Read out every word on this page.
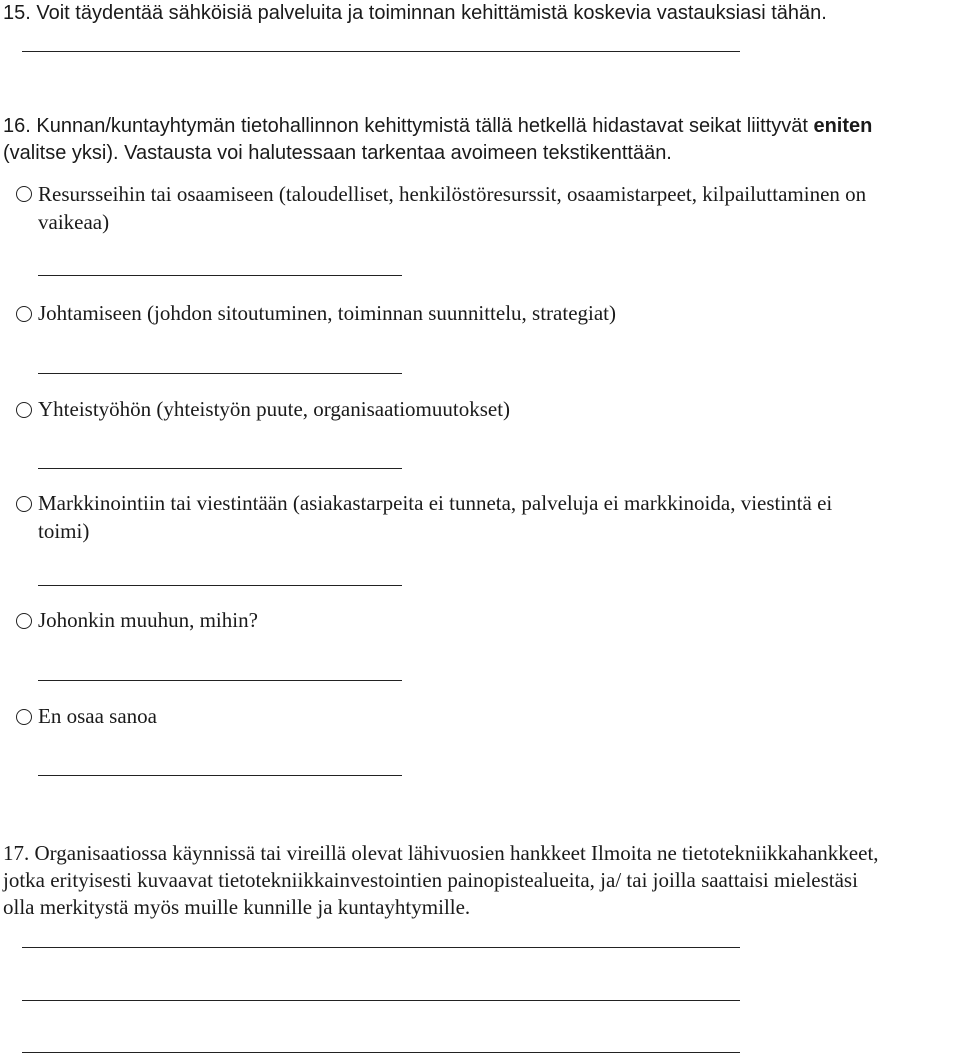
15. Voit täydentää sähköisiä palveluita ja toiminnan kehittämistä koskevia vastauksiasi tähän.
16. Kunnan/kuntayhtymän tietohallinnon kehittymistä tällä hetkellä hidastavat seikat liittyvät eniten
(valitse yksi). Vastausta voi halutessaan tarkentaa avoimeen tekstikenttään.
Resursseihin tai osaamiseen (taloudelliset, henkilöstöresurssit, osaamistarpeet, kilpailuttaminen on
vaikeaa)
Johtamiseen (johdon sitoutuminen, toiminnan suunnittelu, strategiat)
Yhteistyöhön (yhteistyön puute, organisaatiomuutokset)
Markkinointiin tai viestintään (asiakastarpeita ei tunneta, palveluja ei markkinoida, viestintä ei
toimi)
Johonkin muuhun, mihin?
En osaa sanoa
17. Organisaatiossa käynnissä tai vireillä olevat lähivuosien hankkeet Ilmoita ne tietotekniikkahankkeet,
jotka erityisesti kuvaavat tietotekniikkainvestointien painopistealueita, ja/ tai joilla saattaisi mielestäsi
olla merkitystä myös muille kunnille ja kuntayhtymille.
